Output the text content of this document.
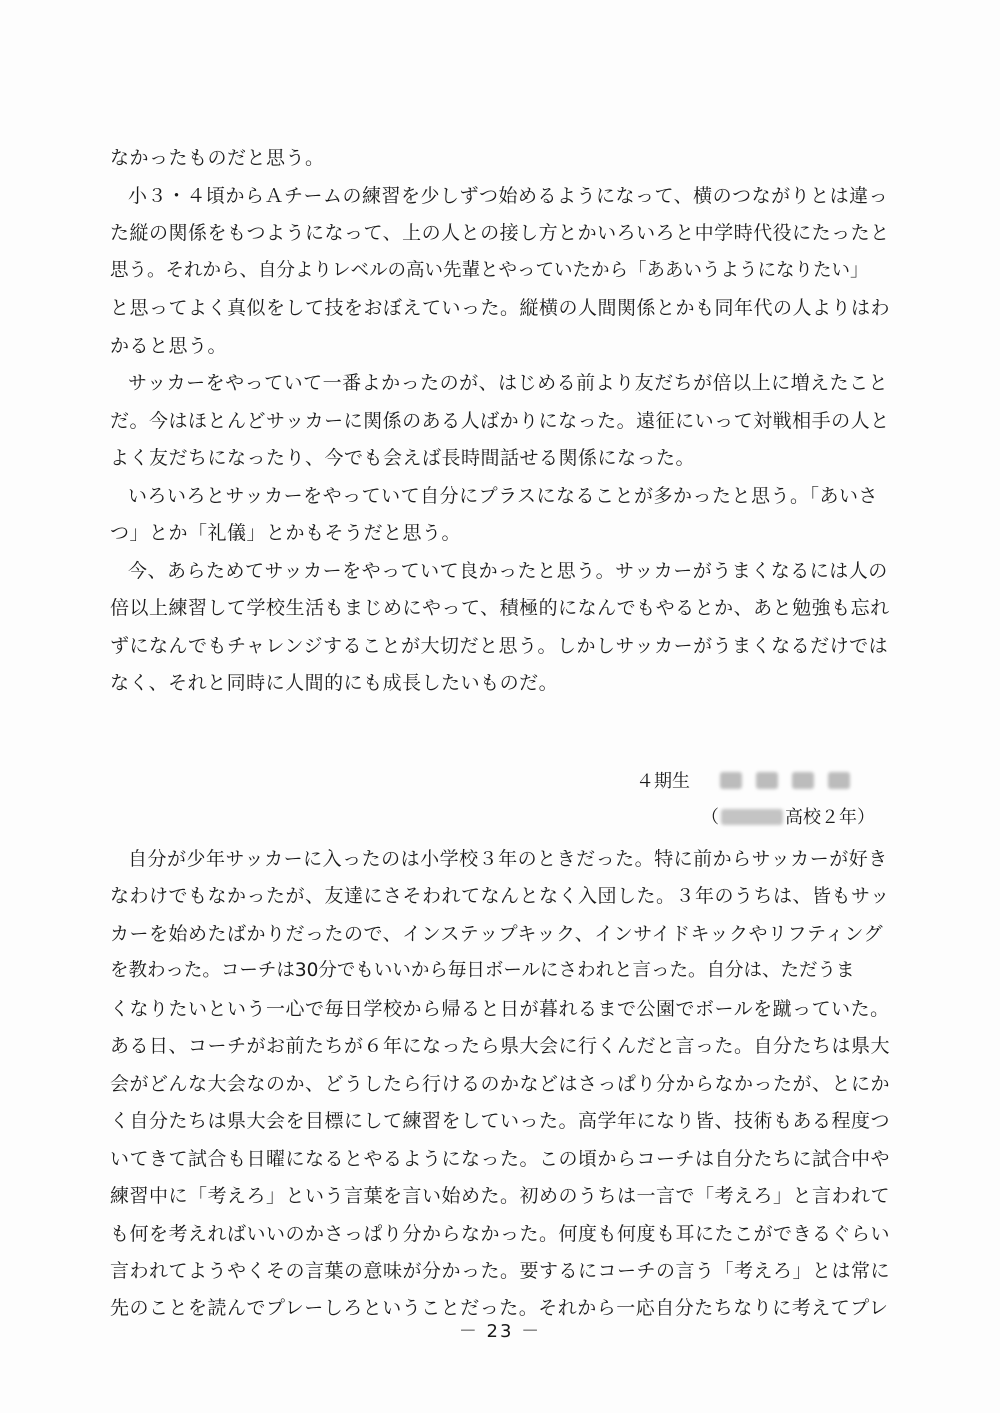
なかったものだと思う。
小３・４頃からＡチームの練習を少しずつ始めるようになって、横のつながりとは違っ
た縦の関係をもつようになって、上の人との接し方とかいろいろと中学時代役にたったと
思う。それから、自分よりレベルの高い先輩とやっていたから「ああいうようになりたい」
と思ってよく真似をして技をおぼえていった。縦横の人間関係とかも同年代の人よりはわ
かると思う。
サッカーをやっていて一番よかったのが、はじめる前より友だちが倍以上に増えたこと
だ。今はほとんどサッカーに関係のある人ばかりになった。遠征にいって対戦相手の人と
よく友だちになったり、今でも会えば長時間話せる関係になった。
いろいろとサッカーをやっていて自分にプラスになることが多かったと思う。「あいさ
つ」とか「礼儀」とかもそうだと思う。
今、あらためてサッカーをやっていて良かったと思う。サッカーがうまくなるには人の
倍以上練習して学校生活もまじめにやって、積極的になんでもやるとか、あと勉強も忘れ
ずになんでもチャレンジすることが大切だと思う。しかしサッカーがうまくなるだけでは
なく、それと同時に人間的にも成長したいものだ。
４期生
（	高校２年）
自分が少年サッカーに入ったのは小学校３年のときだった。特に前からサッカーが好き
なわけでもなかったが、友達にさそわれてなんとなく入団した。３年のうちは、皆もサッ
カーを始めたばかりだったので、インステップキック、インサイドキックやリフティング
を教わった。コーチは30分でもいいから毎日ボールにさわれと言った。自分は、ただうま
くなりたいという一心で毎日学校から帰ると日が暮れるまで公園でボールを蹴っていた。
ある日、コーチがお前たちが６年になったら県大会に行くんだと言った。自分たちは県大
会がどんな大会なのか、どうしたら行けるのかなどはさっぱり分からなかったが、とにか
く自分たちは県大会を目標にして練習をしていった。高学年になり皆、技術もある程度つ
いてきて試合も日曜になるとやるようになった。この頃からコーチは自分たちに試合中や
練習中に「考えろ」という言葉を言い始めた。初めのうちは一言で「考えろ」と言われて
も何を考えればいいのかさっぱり分からなかった。何度も何度も耳にたこができるぐらい
言われてようやくその言葉の意味が分かった。要するにコーチの言う「考えろ」とは常に
先のことを読んでプレーしろということだった。それから一応自分たちなりに考えてプレ
－ 23 －
